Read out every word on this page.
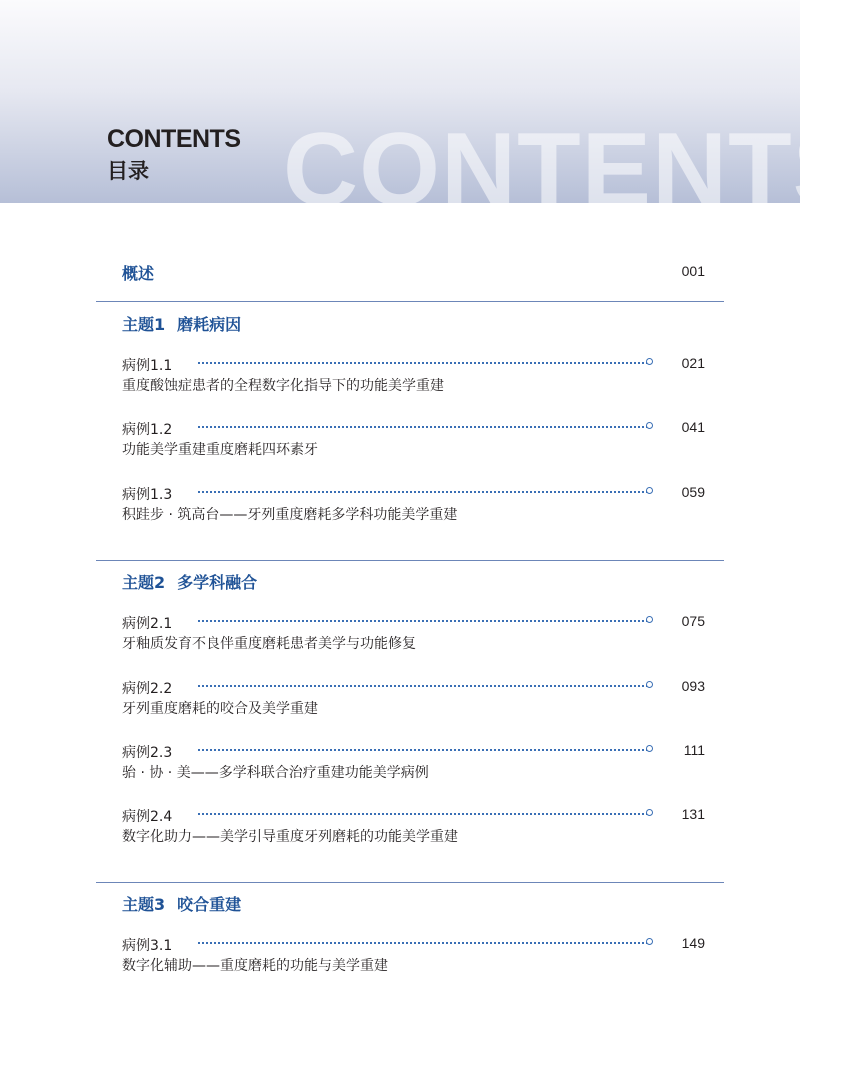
CONTENTS
CONTENTS
目录
概述	001
主题1 磨耗病因
病例1.1	021
重度酸蚀症患者的全程数字化指导下的功能美学重建
病例1.2	041
功能美学重建重度磨耗四环素牙
病例1.3	059
积跬步 · 筑高台——牙列重度磨耗多学科功能美学重建
主题2 多学科融合
病例2.1	075
牙釉质发育不良伴重度磨耗患者美学与功能修复
病例2.2	093
牙列重度磨耗的咬合及美学重建
病例2.3	111
骀 · 协 · 美——多学科联合治疗重建功能美学病例
病例2.4	131
数字化助力——美学引导重度牙列磨耗的功能美学重建
主题3 咬合重建
病例3.1	149
数字化辅助——重度磨耗的功能与美学重建
